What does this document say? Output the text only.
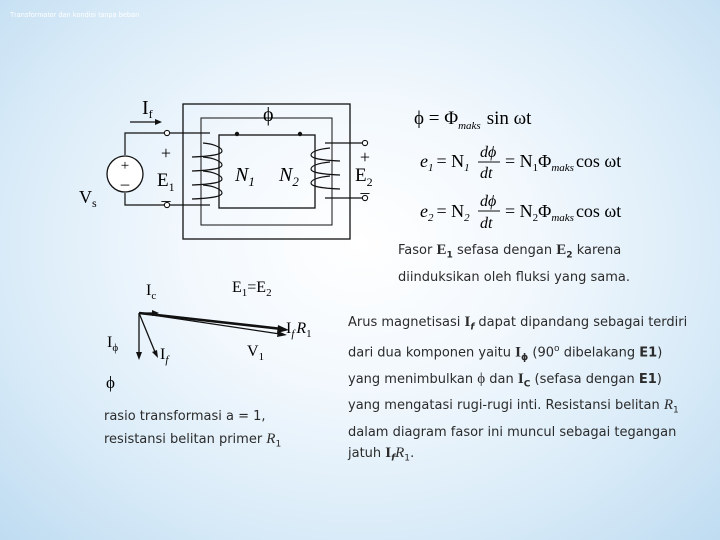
Transformator dan kondisi tanpa beban
+
–
$I_f$	ϕ
$V_s$
+
$E_1$
–
$N_1$ $N_2$
+
$E_2$
–
$\phi = \Phi_{maks}$ sin ωt
$e_1 = N_1$
dϕ
dt
= $N_1\Phi_{maks}$ cos ωt
$e_2 = N_2$
dϕ
dt
= $N_2\Phi_{maks}$ cos ωt
$I_c$	$E_1=E_2$
$I_\phi$	$I_f$	$V_1$
$I_f$ $R_1$
ϕ
Fasor $E_1$ sefasa dengan $E_2$ karena diinduksikan oleh fluksi yang sama.
rasio transformasi a = 1,
resistansi belitan primer $R_1$
Arus magnetisasi $I_f$ dapat dipandang sebagai terdiri dari dua komponen yaitu $I_\phi$ (90$^o$ dibelakang E1) yang menimbulkan ϕ dan $I_C$ (sefasa dengan E1) yang mengatasi rugi-rugi inti. Resistansi belitan $R_1$ dalam diagram fasor ini muncul sebagai tegangan jatuh $I_fR_1$.
